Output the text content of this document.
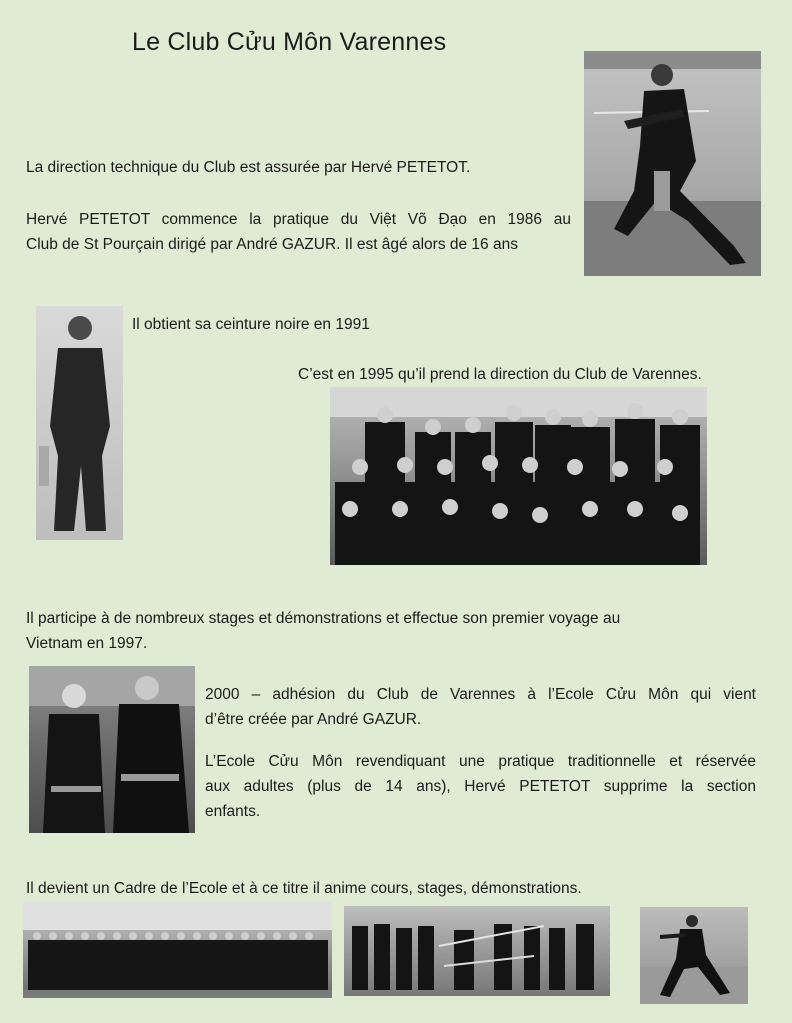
Le Club Cửu Môn Varennes
La direction technique du Club est assurée par Hervé PETETOT.
Hervé PETETOT commence la pratique du Việt Võ Đạo en 1986 au
Club de St Pourçain dirigé par André GAZUR. Il est âgé alors de 16 ans
Il obtient sa ceinture noire en 1991
C’est en 1995 qu’il prend la direction du Club de Varennes.
Il participe à de nombreux stages et démonstrations et effectue son premier voyage au
Vietnam en 1997.
2000 – adhésion du Club de Varennes à l’Ecole Cửu Môn qui vient
d’être créée par André GAZUR.
L’Ecole Cửu Môn revendiquant une pratique traditionnelle et réservée
aux adultes (plus de 14 ans), Hervé PETETOT supprime la section
enfants.
Il devient un Cadre de l’Ecole et à ce titre il anime cours, stages, démonstrations.
